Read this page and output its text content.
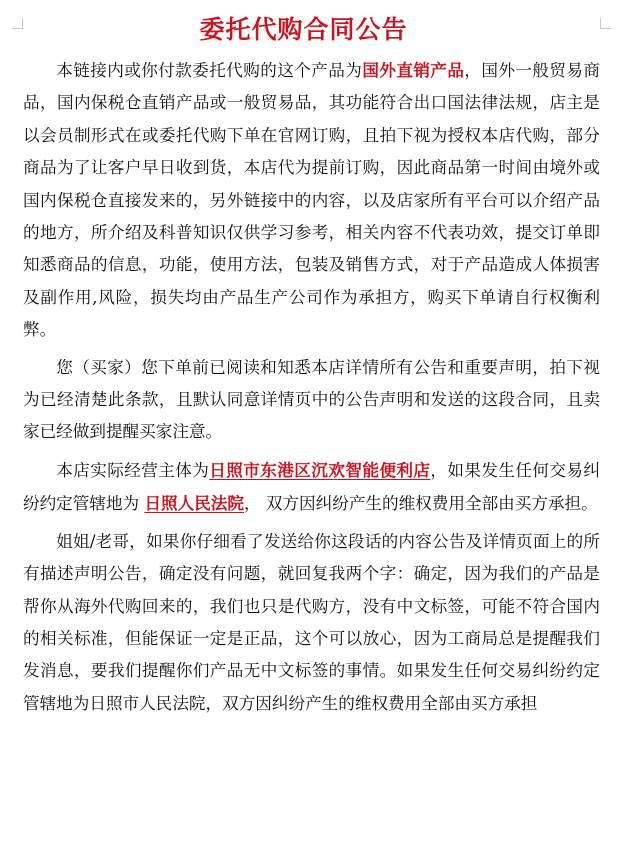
委托代购合同公告

本链接内或你付款委托代购的这个产品为国外直销产品，国外一般贸易商品，国内保税仓直销产品或一般贸易品，其功能符合出口国法律法规，店主是以会员制形式在或委托代购下单在官网订购，且拍下视为授权本店代购，部分商品为了让客户早日收到货，本店代为提前订购，因此商品第一时间由境外或国内保税仓直接发来的，另外链接中的内容，以及店家所有平台可以介绍产品的地方，所介绍及科普知识仅供学习参考，相关内容不代表功效，提交订单即知悉商品的信息，功能，使用方法，包装及销售方式，对于产品造成人体损害及副作用,风险，损失均由产品生产公司作为承担方，购买下单请自行权衡利弊。

您（买家）您下单前已阅读和知悉本店详情所有公告和重要声明，拍下视为已经清楚此条款，且默认同意详情页中的公告声明和发送的这段合同，且卖家已经做到提醒买家注意。

本店实际经营主体为日照市东港区沉欢智能便利店，如果发生任何交易纠纷约定管辖地为 日照人民法院， 双方因纠纷产生的维权费用全部由买方承担。

姐姐/老哥，如果你仔细看了发送给你这段话的内容公告及详情页面上的所有描述声明公告，确定没有问题，就回复我两个字：确定，因为我们的产品是帮你从海外代购回来的，我们也只是代购方，没有中文标签，可能不符合国内的相关标准，但能保证一定是正品，这个可以放心，因为工商局总是提醒我们发消息，要我们提醒你们产品无中文标签的事情。如果发生任何交易纠纷约定管辖地为日照市人民法院，双方因纠纷产生的维权费用全部由买方承担
